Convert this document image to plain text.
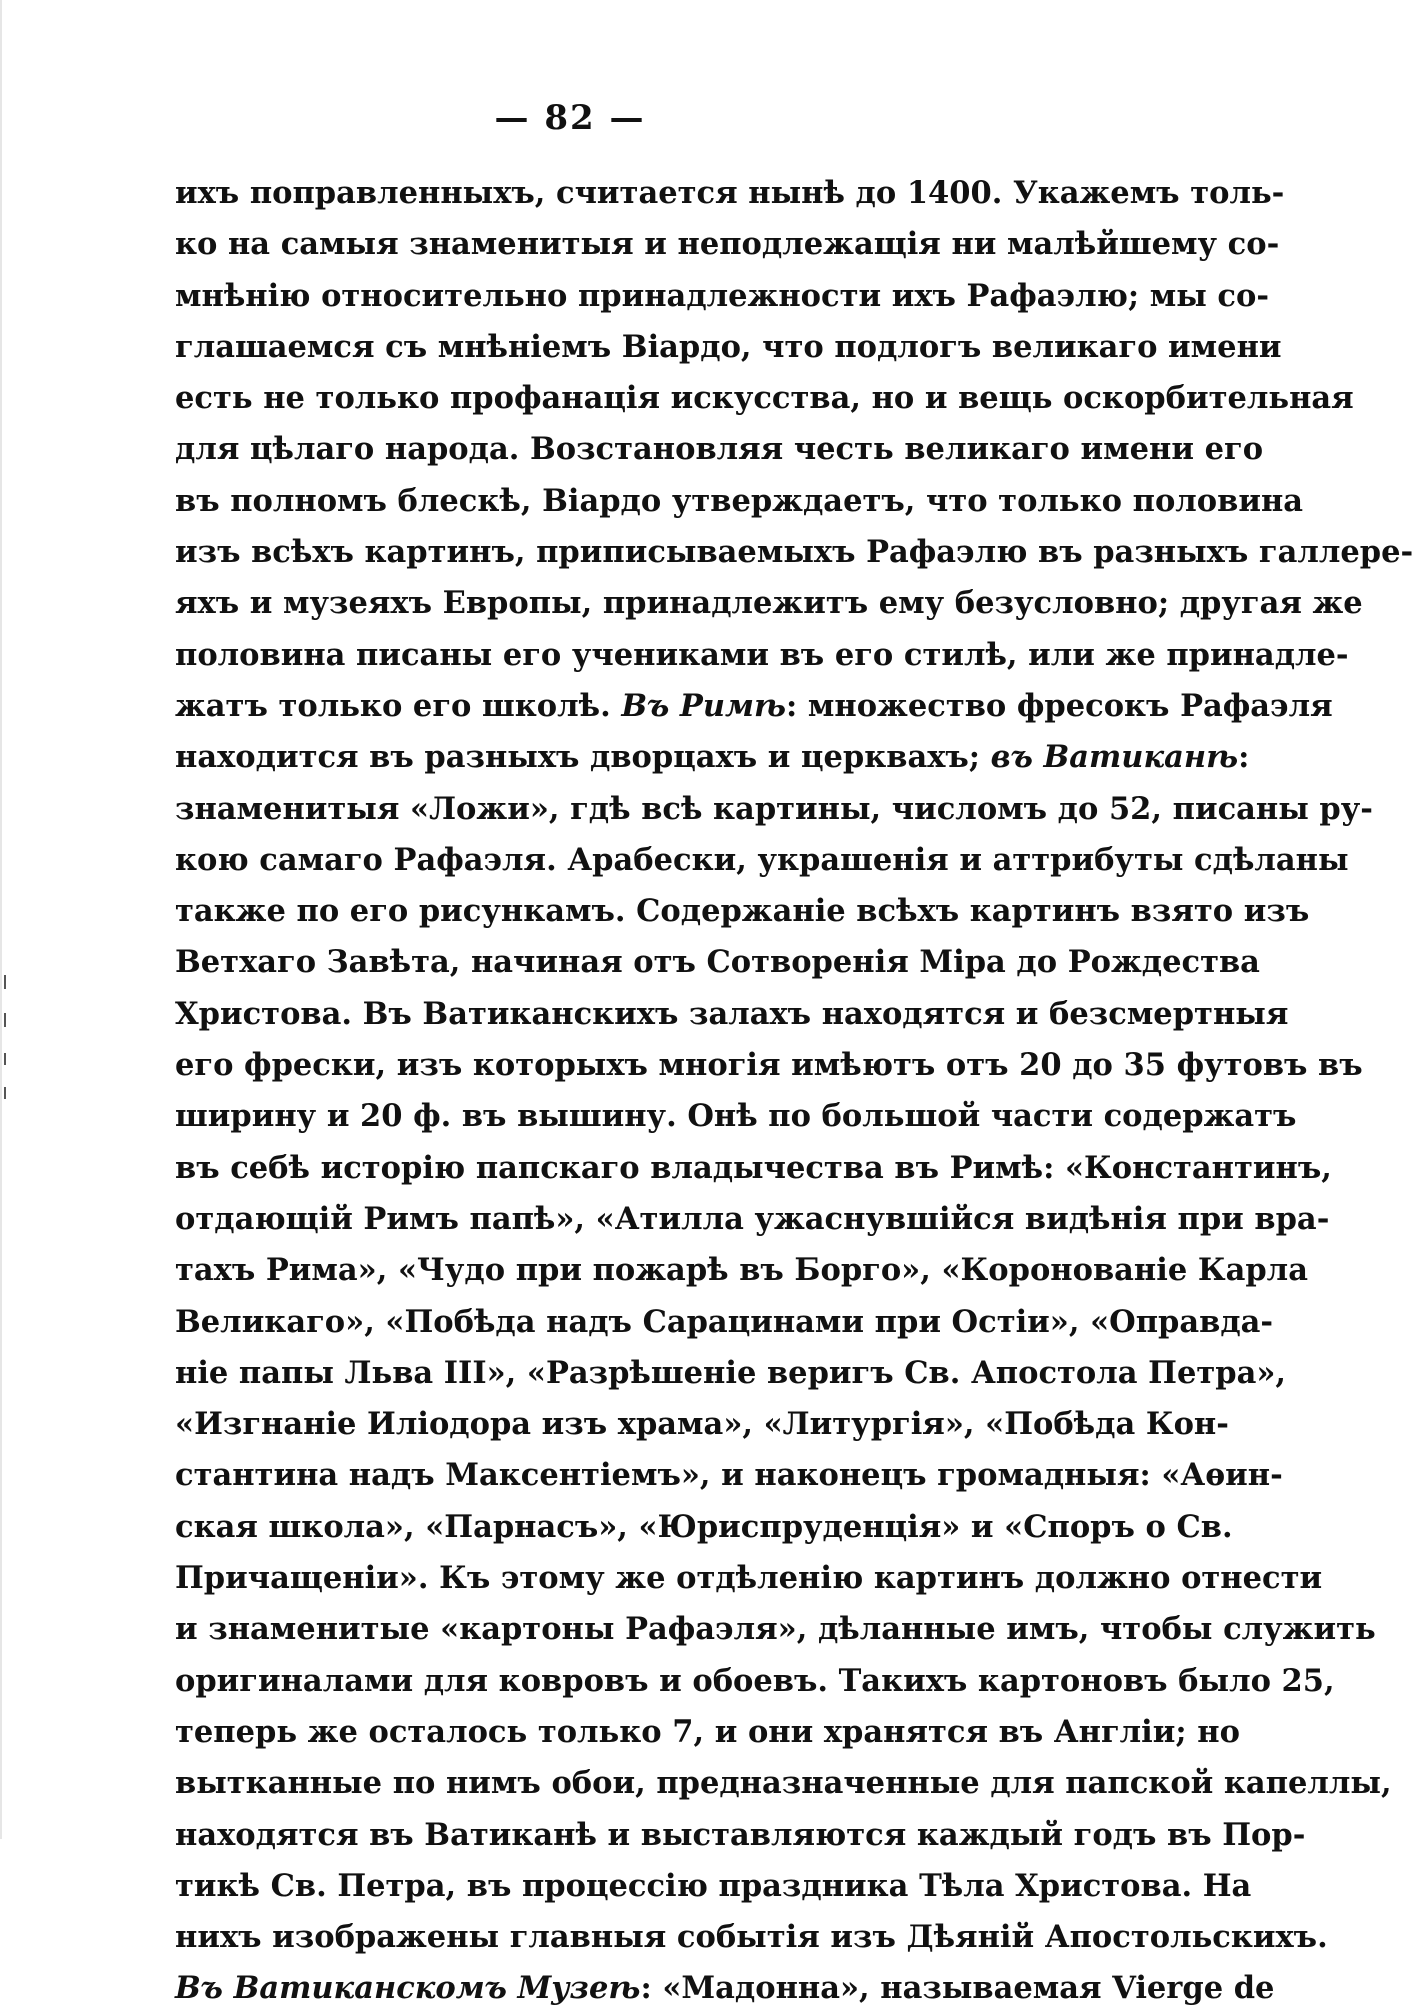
— 82 —
ихъ поправленныхъ, считается нынѣ до 1400. Укажемъ толь-
ко на самыя знаменитыя и неподлежащія ни малѣйшему со-
мнѣнію относительно принадлежности ихъ Рафаэлю; мы со-
глашаемся съ мнѣніемъ Віардо, что подлогъ великаго имени
есть не только профанація искусства, но и вещь оскорбительная
для цѣлаго народа. Возстановляя честь великаго имени его
въ полномъ блескѣ, Віардо утверждаетъ, что только половина
изъ всѣхъ картинъ, приписываемыхъ Рафаэлю въ разныхъ галлере-
яхъ и музеяхъ Европы, принадлежитъ ему безусловно; другая же
половина писаны его учениками въ его стилѣ, или же принадле-
жатъ только его школѣ. Въ Римѣ: множество фресокъ Рафаэля
находится въ разныхъ дворцахъ и церквахъ; въ Ватиканѣ:
знаменитыя «Ложи», гдѣ всѣ картины, числомъ до 52, писаны ру-
кою самаго Рафаэля. Арабески, украшенія и аттрибуты сдѣланы
также по его рисункамъ. Содержаніе всѣхъ картинъ взято изъ
Ветхаго Завѣта, начиная отъ Сотворенія Міра до Рождества
Христова. Въ Ватиканскихъ залахъ находятся и безсмертныя
его фрески, изъ которыхъ многія имѣютъ отъ 20 до 35 футовъ въ
ширину и 20 ф. въ вышину. Онѣ по большой части содержатъ
въ себѣ исторію папскаго владычества въ Римѣ: «Константинъ,
отдающій Римъ папѣ», «Атилла ужаснувшійся видѣнія при вра-
тахъ Рима», «Чудо при пожарѣ въ Борго», «Коронованіе Карла
Великаго», «Побѣда надъ Сарацинами при Остіи», «Оправда-
ніе папы Льва III», «Разрѣшеніе веригъ Св. Апостола Петра»,
«Изгнаніе Иліодора изъ храма», «Литургія», «Побѣда Кон-
стантина надъ Максентіемъ», и наконецъ громадныя: «Аѳин-
ская школа», «Парнасъ», «Юриспруденція» и «Споръ о Св.
Причащеніи». Къ этому же отдѣленію картинъ должно отнести
и знаменитые «картоны Рафаэля», дѣланные имъ, чтобы служить
оригиналами для ковровъ и обоевъ. Такихъ картоновъ было 25,
теперь же осталось только 7, и они хранятся въ Англіи; но
вытканные по нимъ обои, предназначенные для папской капеллы,
находятся въ Ватиканѣ и выставляются каждый годъ въ Пор-
тикѣ Св. Петра, въ процессію праздника Тѣла Христова. На
нихъ изображены главныя событія изъ Дѣяній Апостольскихъ.
Въ Ватиканскомъ Музеѣ: «Мадонна», называемая Vierge de
